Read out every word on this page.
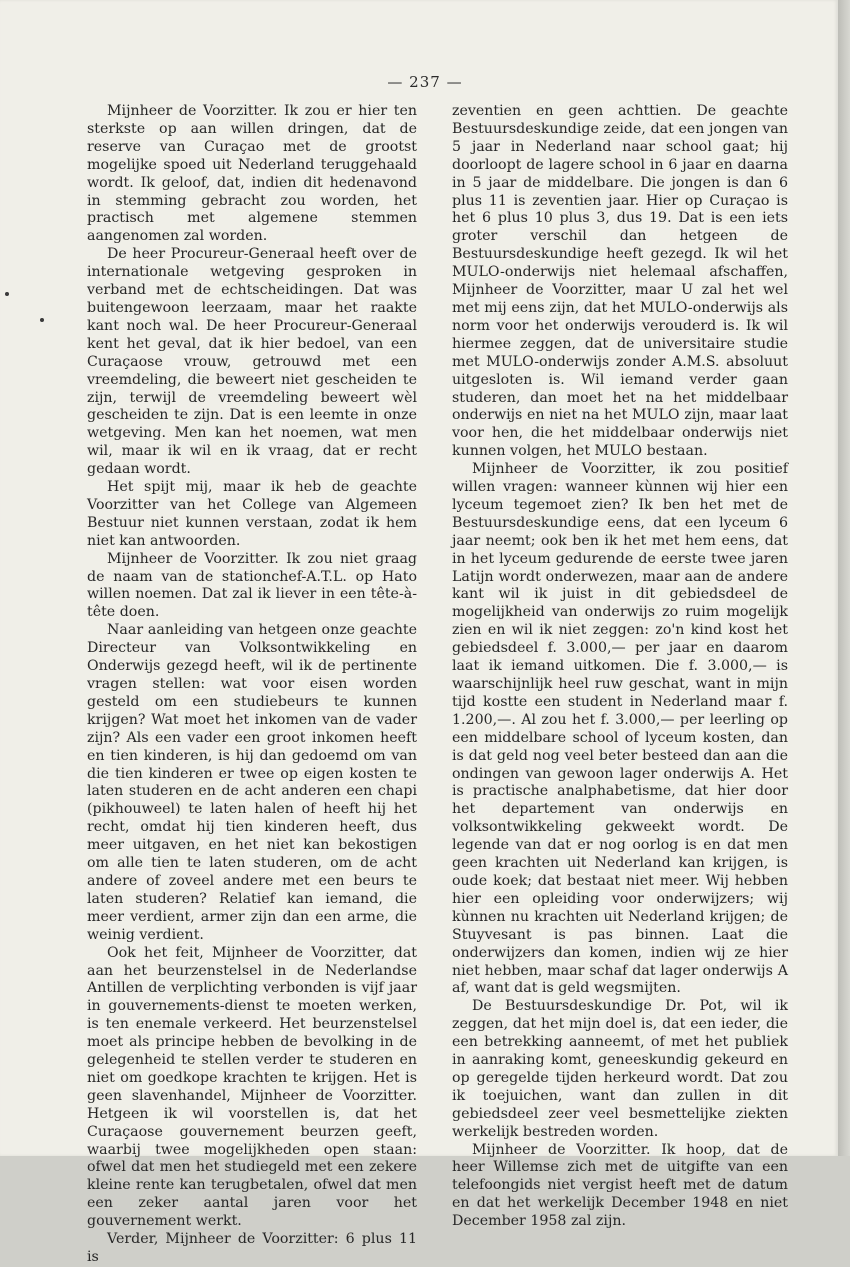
— 237 —

Mijnheer de Voorzitter. Ik zou er hier ten sterkste op aan willen dringen, dat de reserve van Curaçao met de grootst mogelijke spoed uit Nederland teruggehaald wordt. Ik geloof, dat, indien dit hedenavond in stemming gebracht zou worden, het practisch met algemene stemmen aangenomen zal worden.

De heer Procureur-Generaal heeft over de internationale wetgeving gesproken in verband met de echtscheidingen. Dat was buitengewoon leerzaam, maar het raakte kant noch wal. De heer Procureur-Generaal kent het geval, dat ik hier bedoel, van een Curaçaose vrouw, getrouwd met een vreemdeling, die beweert niet gescheiden te zijn, terwijl de vreemdeling beweert wèl gescheiden te zijn. Dat is een leemte in onze wetgeving. Men kan het noemen, wat men wil, maar ik wil en ik vraag, dat er recht gedaan wordt.

Het spijt mij, maar ik heb de geachte Voorzitter van het College van Algemeen Bestuur niet kunnen verstaan, zodat ik hem niet kan antwoorden.

Mijnheer de Voorzitter. Ik zou niet graag de naam van de stationchef-A.T.L. op Hato willen noemen. Dat zal ik liever in een tête-à-tête doen.

Naar aanleiding van hetgeen onze geachte Directeur van Volksontwikkeling en Onderwijs gezegd heeft, wil ik de pertinente vragen stellen: wat voor eisen worden gesteld om een studiebeurs te kunnen krijgen? Wat moet het inkomen van de vader zijn? Als een vader een groot inkomen heeft en tien kinderen, is hij dan gedoemd om van die tien kinderen er twee op eigen kosten te laten studeren en de acht anderen een chapi (pikhouweel) te laten halen of heeft hij het recht, omdat hij tien kinderen heeft, dus meer uitgaven, en het niet kan bekostigen om alle tien te laten studeren, om de acht andere of zoveel andere met een beurs te laten studeren? Relatief kan iemand, die meer verdient, armer zijn dan een arme, die weinig verdient.

Ook het feit, Mijnheer de Voorzitter, dat aan het beurzenstelsel in de Nederlandse Antillen de verplichting verbonden is vijf jaar in gouvernements-dienst te moeten werken, is ten enemale verkeerd. Het beurzenstelsel moet als principe hebben de bevolking in de gelegenheid te stellen verder te studeren en niet om goedkope krachten te krijgen. Het is geen slavenhandel, Mijnheer de Voorzitter. Hetgeen ik wil voorstellen is, dat het Curaçaose gouvernement beurzen geeft, waarbij twee mogelijkheden open staan: ofwel dat men het studiegeld met een zekere kleine rente kan terugbetalen, ofwel dat men een zeker aantal jaren voor het gouvernement werkt.

Verder, Mijnheer de Voorzitter: 6 plus 11 is

zeventien en geen achttien. De geachte Bestuursdeskundige zeide, dat een jongen van 5 jaar in Nederland naar school gaat; hij doorloopt de lagere school in 6 jaar en daarna in 5 jaar de middelbare. Die jongen is dan 6 plus 11 is zeventien jaar. Hier op Curaçao is het 6 plus 10 plus 3, dus 19. Dat is een iets groter verschil dan hetgeen de Bestuursdeskundige heeft gezegd. Ik wil het MULO-onderwijs niet helemaal afschaffen, Mijnheer de Voorzitter, maar U zal het wel met mij eens zijn, dat het MULO-onderwijs als norm voor het onderwijs verouderd is. Ik wil hiermee zeggen, dat de universitaire studie met MULO-onderwijs zonder A.M.S. absoluut uitgesloten is. Wil iemand verder gaan studeren, dan moet het na het middelbaar onderwijs en niet na het MULO zijn, maar laat voor hen, die het middelbaar onderwijs niet kunnen volgen, het MULO bestaan.

Mijnheer de Voorzitter, ik zou positief willen vragen: wanneer kùnnen wij hier een lyceum tegemoet zien? Ik ben het met de Bestuursdeskundige eens, dat een lyceum 6 jaar neemt; ook ben ik het met hem eens, dat in het lyceum gedurende de eerste twee jaren Latijn wordt onderwezen, maar aan de andere kant wil ik juist in dit gebiedsdeel de mogelijkheid van onderwijs zo ruim mogelijk zien en wil ik niet zeggen: zo'n kind kost het gebiedsdeel f. 3.000,— per jaar en daarom laat ik iemand uitkomen. Die f. 3.000,— is waarschijnlijk heel ruw geschat, want in mijn tijd kostte een student in Nederland maar f. 1.200,—. Al zou het f. 3.000,— per leerling op een middelbare school of lyceum kosten, dan is dat geld nog veel beter besteed dan aan die ondingen van gewoon lager onderwijs A. Het is practische analphabetisme, dat hier door het departement van onderwijs en volksontwikkeling gekweekt wordt. De legende van dat er nog oorlog is en dat men geen krachten uit Nederland kan krijgen, is oude koek; dat bestaat niet meer. Wij hebben hier een opleiding voor onderwijzers; wij kùnnen nu krachten uit Nederland krijgen; de Stuyvesant is pas binnen. Laat die onderwijzers dan komen, indien wij ze hier niet hebben, maar schaf dat lager onderwijs A af, want dat is geld wegsmijten.

De Bestuursdeskundige Dr. Pot, wil ik zeggen, dat het mijn doel is, dat een ieder, die een betrekking aanneemt, of met het publiek in aanraking komt, geneeskundig gekeurd en op geregelde tijden herkeurd wordt. Dat zou ik toejuichen, want dan zullen in dit gebiedsdeel zeer veel besmettelijke ziekten werkelijk bestreden worden.

Mijnheer de Voorzitter. Ik hoop, dat de heer Willemse zich met de uitgifte van een telefoongids niet vergist heeft met de datum en dat het werkelijk December 1948 en niet December 1958 zal zijn.
